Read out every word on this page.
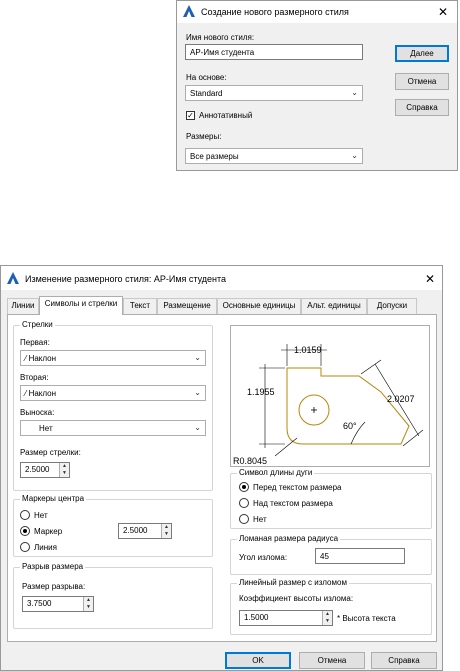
Создание нового размерного стиля	✕
Имя нового стиля:
АР-Имя студента
На основе:
Standard	⌄
✓ Аннотативный
Размеры:
Все размеры	⌄
Далее
Отмена
Справка
Изменение размерного стиля: АР-Имя студента	✕
Линии	Символы и стрелки	Текст	Размещение	Основные единицы	Альт. единицы	Допуски
Стрелки
Первая:
⁄ Наклон	⌄
Вторая:
⁄ Наклон	⌄
Выноска:
Нет	⌄
Размер стрелки:
2.5000	▲
▼
Маркеры центра
Нет
Маркер
Линия
2.5000	▲
▼
Разрыв размера
Размер разрыва:
3.7500	▲
▼
1.0159
1.1955
2.0207
60°
R0.8045
Символ длины дуги
Перед текстом размера
Над текстом размера
Нет
Ломаная размера радиуса
Угол излома:	45
Линейный размер с изломом
Коэффициент высоты излома:
1.5000	▲
▼ * Высота текста
OK	Отмена	Справка
